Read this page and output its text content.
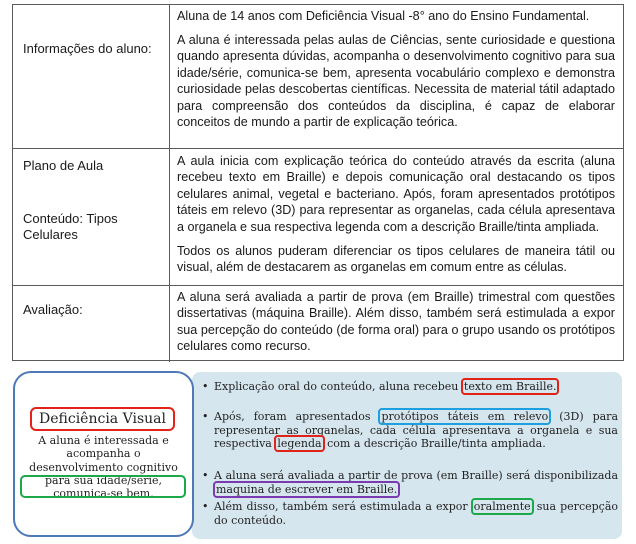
Informações do aluno:

Aluna de 14 anos com Deficiência Visual -8° ano do Ensino Fundamental.

A aluna é interessada pelas aulas de Ciências, sente curiosidade e questiona quando apresenta dúvidas, acompanha o desenvolvimento cognitivo para sua idade/série, comunica-se bem, apresenta vocabulário complexo e demonstra curiosidade pelas descobertas científicas. Necessita de material tátil adaptado para compreensão dos conteúdos da disciplina, é capaz de elaborar conceitos de mundo a partir de explicação teórica.

Plano de Aula
Conteúdo: Tipos Celulares

A aula inicia com explicação teórica do conteúdo através da escrita (aluna recebeu texto em Braille) e depois comunicação oral destacando os tipos celulares animal, vegetal e bacteriano. Após, foram apresentados protótipos táteis em relevo (3D) para representar as organelas, cada célula apresentava a organela e sua respectiva legenda com a descrição Braille/tinta ampliada.

Todos os alunos puderam diferenciar os tipos celulares de maneira tátil ou visual, além de destacarem as organelas em comum entre as células.

Avaliação:

A aluna será avaliada a partir de prova (em Braille) trimestral com questões dissertativas (máquina Braille). Além disso, também será estimulada a expor sua percepção do conteúdo (de forma oral) para o grupo usando os protótipos celulares como recurso.

Deficiência Visual
A aluna é interessada e
acompanha o
desenvolvimento cognitivo
para sua idade/série,
comunica-se bem.
• Explicação oral do conteúdo, aluna recebeu texto em Braille.
• Após, foram apresentados protótipos táteis em relevo (3D) para representar as organelas, cada célula apresentava a organela e sua respectiva legenda com a descrição Braille/tinta ampliada.
• A aluna será avaliada a partir de prova (em Braille) será disponibilizada maquina de escrever em Braille.
• Além disso, também será estimulada a expor oralmente sua percepção do conteúdo.
